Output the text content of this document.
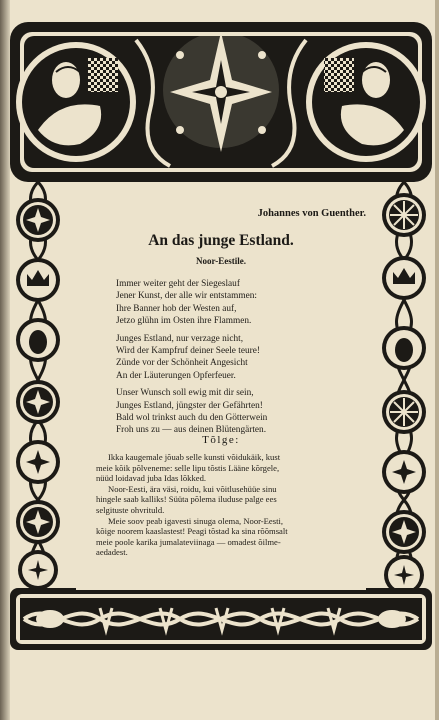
Johannes von Guenther.
An das junge Estland.
Noor-Eestile.
Immer weiter geht der Siegeslauf
Jener Kunst, der alle wir entstammen:
Ihre Banner hob der Westen auf,
Jetzo glühn im Osten ihre Flammen.
Junges Estland, nur verzage nicht,
Wird der Kampfruf deiner Seele teure!
Zünde vor der Schönheit Angesicht
An der Läuterungen Opferfeuer.
Unser Wunsch soll ewig mit dir sein,
Junges Estland, jüngster der Gefährten!
Bald wol trinkst auch du den Götterwein
Froh uns zu — aus deinen Blütengärten.
Tõlge:

Ikka kaugemale jõuab selle kunsti võidukäik, kust
meie kõik põlveneme: selle lipu tõstis Lääne kõrgele,
nüüd loidavad juba Idas lõkked.

Noor-Eesti, ära väsi, roidu, kui võitlusehüüe sinu
hingele saab kalliks! Süüta põlema iluduse palge ees
selgituste ohvrituld.

Meie soov peab igavesti sinuga olema, Noor-Eesti,
kõige noorem kaaslastest! Peagi tõstad ka sina rõõmsalt
meie poole karika jumalateviinaga — omadest õilme-
aedadest.
